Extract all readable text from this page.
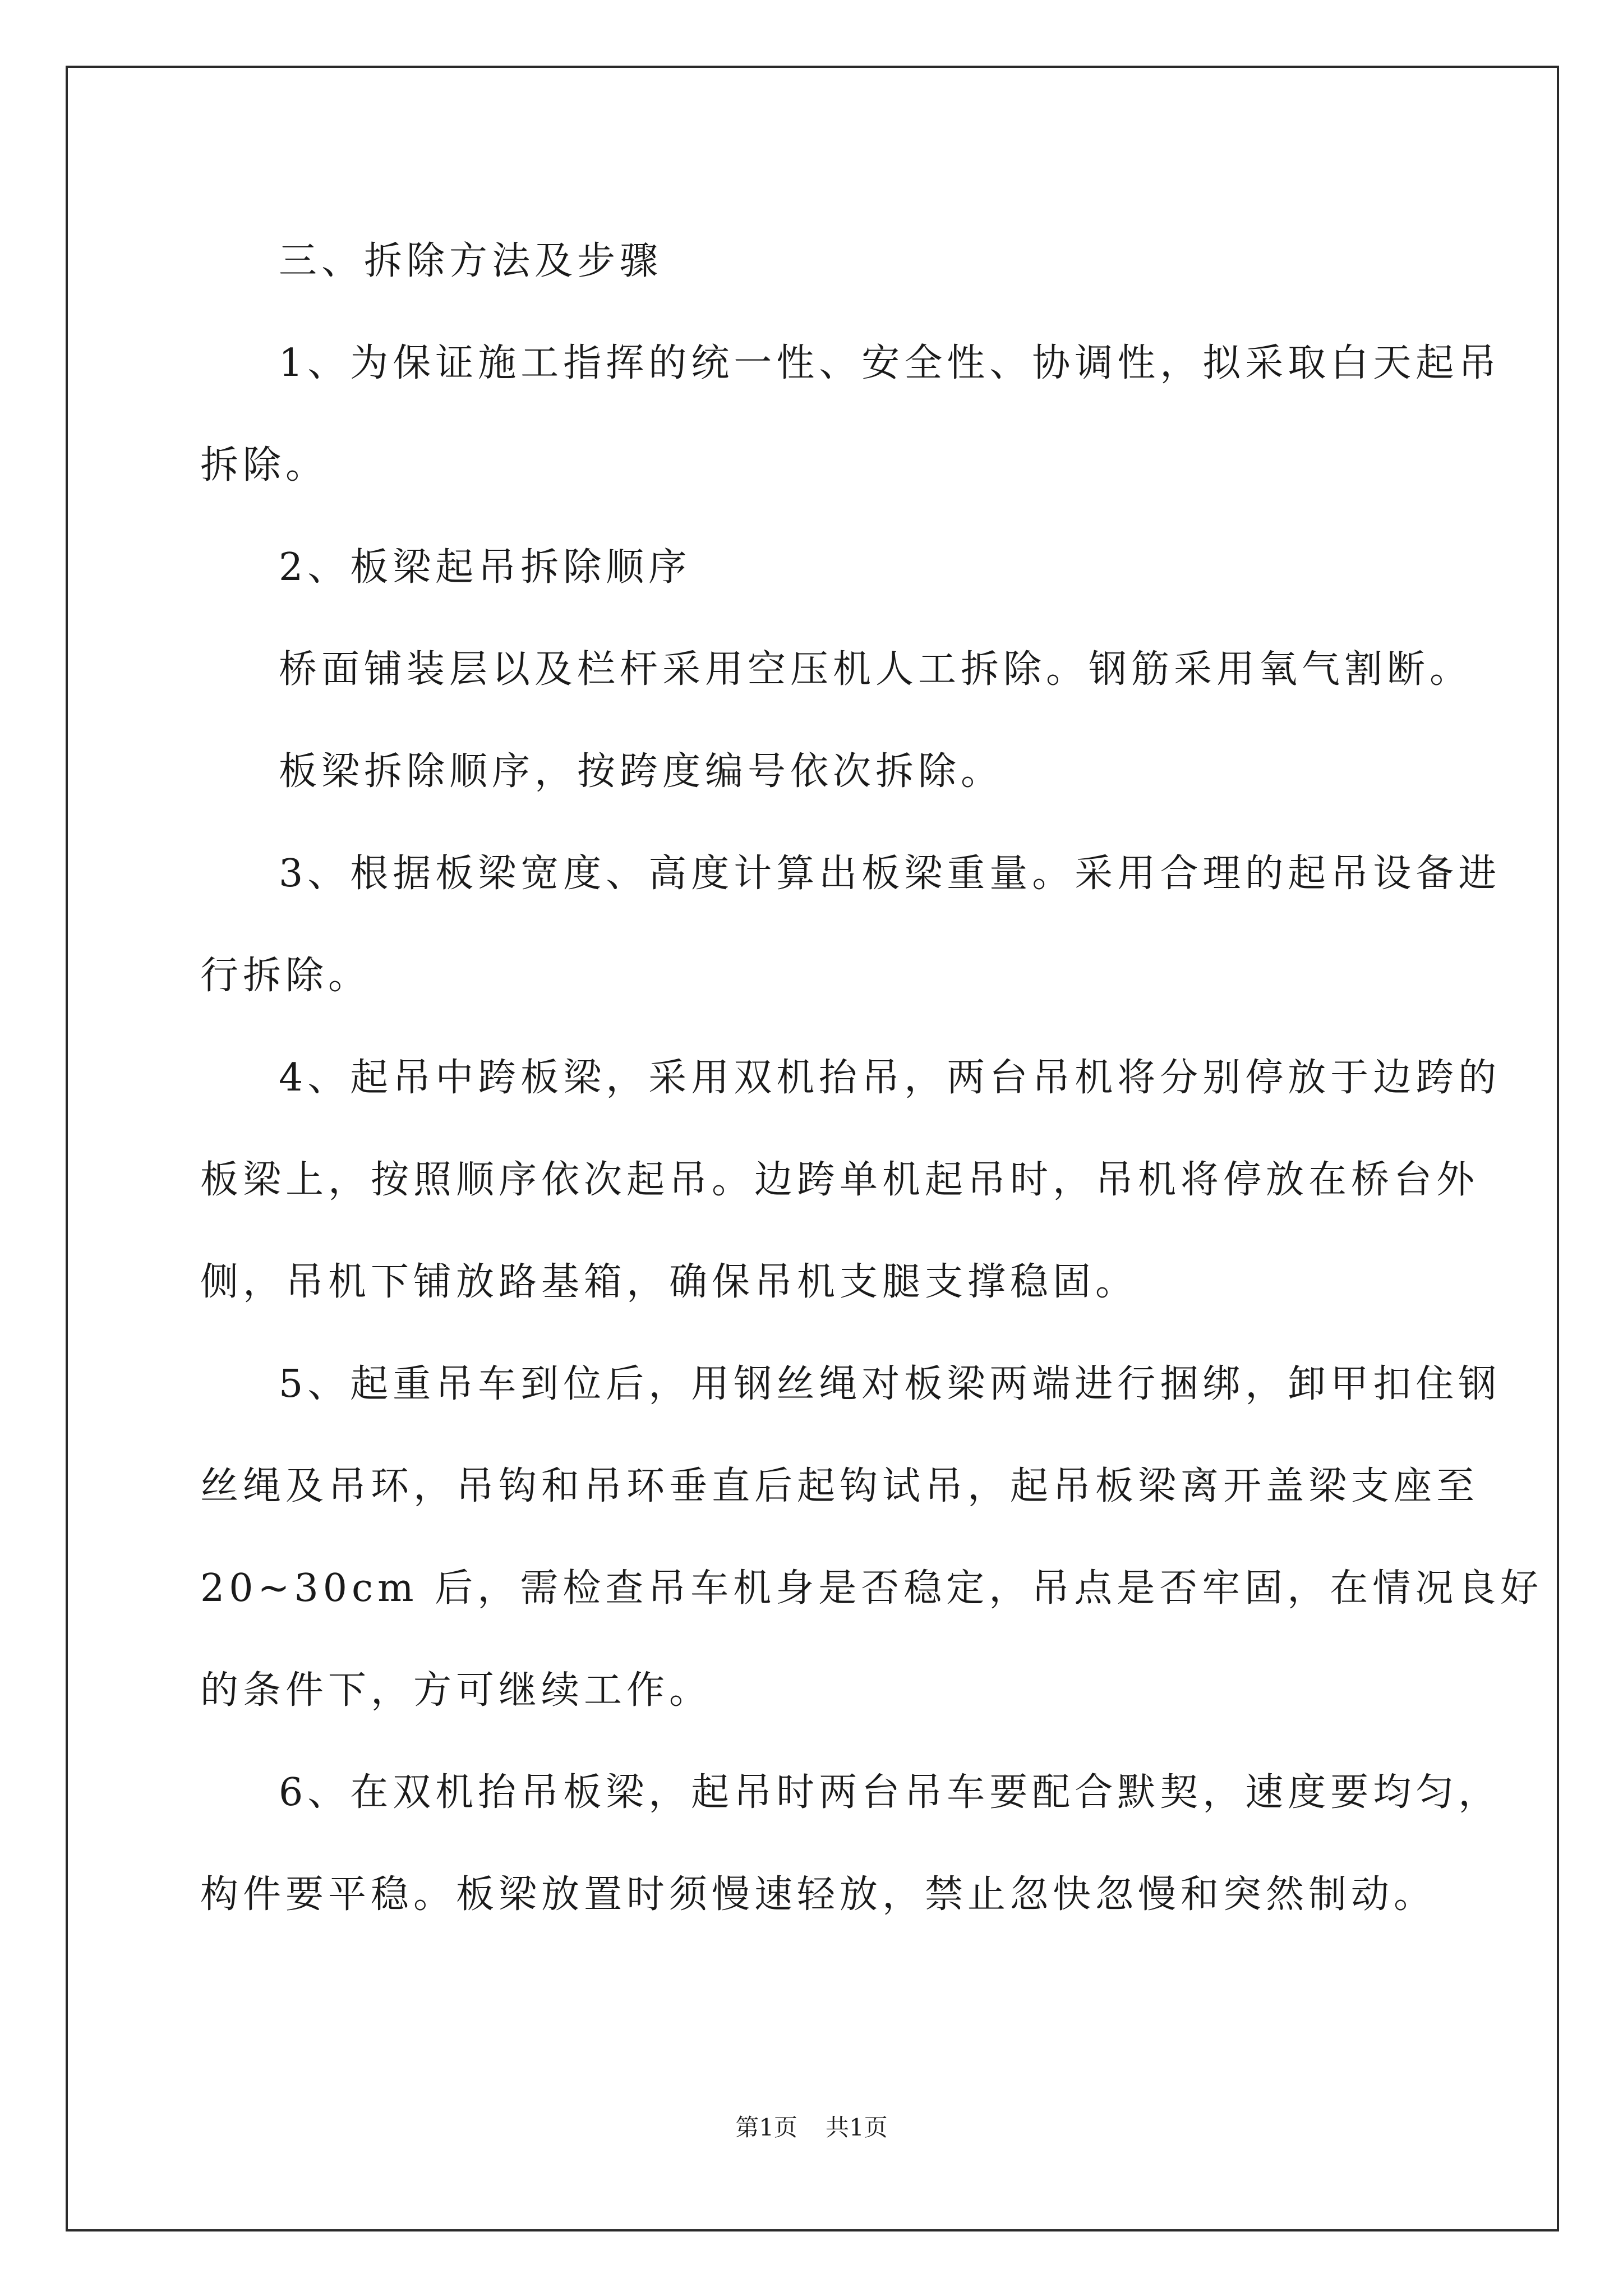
三、拆除方法及步骤

1、为保证施工指挥的统一性、安全性、协调性，拟采取白天起吊

拆除。

2、板梁起吊拆除顺序

桥面铺装层以及栏杆采用空压机人工拆除。钢筋采用氧气割断。

板梁拆除顺序，按跨度编号依次拆除。

3、根据板梁宽度、高度计算出板梁重量。采用合理的起吊设备进

行拆除。

4、起吊中跨板梁，采用双机抬吊，两台吊机将分别停放于边跨的

板梁上，按照顺序依次起吊。边跨单机起吊时，吊机将停放在桥台外

侧，吊机下铺放路基箱，确保吊机支腿支撑稳固。

5、起重吊车到位后，用钢丝绳对板梁两端进行捆绑，卸甲扣住钢

丝绳及吊环，吊钩和吊环垂直后起钩试吊，起吊板梁离开盖梁支座至

20~30cm 后，需检查吊车机身是否稳定，吊点是否牢固，在情况良好

的条件下，方可继续工作。

6、在双机抬吊板梁，起吊时两台吊车要配合默契，速度要均匀，

构件要平稳。板梁放置时须慢速轻放，禁止忽快忽慢和突然制动。

第1页 共1页
